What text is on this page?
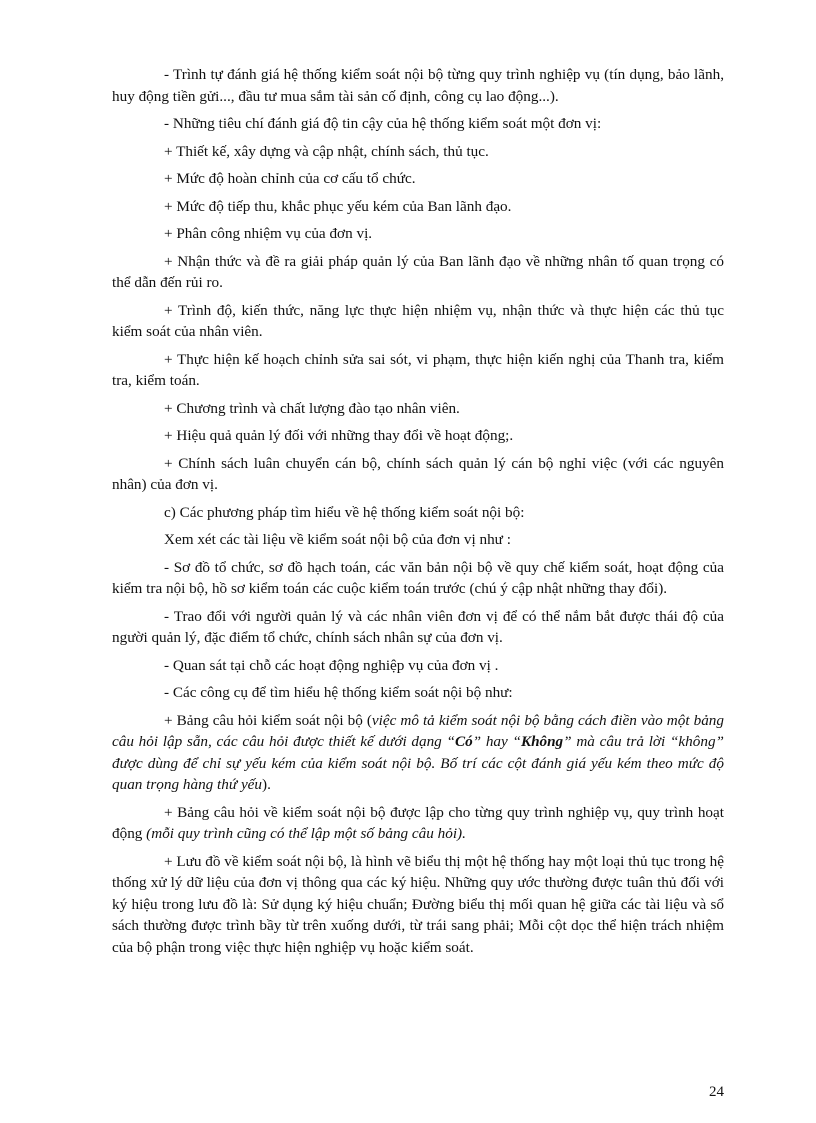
- Trình tự đánh giá hệ thống kiểm soát nội bộ từng quy trình nghiệp vụ (tín dụng, bảo lãnh, huy động tiền gửi..., đầu tư mua sắm tài sản cố định, công cụ lao động...).

- Những tiêu chí đánh giá độ tin cậy của hệ thống kiểm soát một đơn vị:

+ Thiết kế, xây dựng và cập nhật, chính sách, thủ tục.

+ Mức độ hoàn chỉnh của cơ cấu tổ chức.

+ Mức độ tiếp thu, khắc phục yếu kém của Ban lãnh đạo.

+ Phân công nhiệm vụ của đơn vị.

+ Nhận thức và đề ra giải pháp quản lý của Ban lãnh đạo về những nhân tố quan trọng có thể dẫn đến rủi ro.

+ Trình độ, kiến thức, năng lực thực hiện nhiệm vụ, nhận thức và thực hiện các thủ tục kiểm soát của nhân viên.

+ Thực hiện kế hoạch chỉnh sửa sai sót, vi phạm, thực hiện kiến nghị của Thanh tra, kiểm tra, kiểm toán.

+ Chương trình và chất lượng đào tạo nhân viên.

+ Hiệu quả quản lý đối với những thay đổi về hoạt động;.

+ Chính sách luân chuyển cán bộ, chính sách quản lý cán bộ nghỉ việc (với các nguyên nhân) của đơn vị.

c) Các phương pháp tìm hiểu về hệ thống kiểm soát nội bộ:

Xem xét các tài liệu về kiểm soát nội bộ của đơn vị như :

- Sơ đồ tổ chức, sơ đồ hạch toán, các văn bản nội bộ về quy chế kiểm soát, hoạt động của kiểm tra nội bộ, hồ sơ kiểm toán các cuộc kiểm toán trước (chú ý cập nhật những thay đổi).

- Trao đổi với người quản lý và các nhân viên đơn vị để có thể nắm bắt được thái độ của người quản lý, đặc điểm tổ chức, chính sách nhân sự của đơn vị.

- Quan sát tại chỗ các hoạt động nghiệp vụ của đơn vị .

- Các công cụ để tìm hiểu hệ thống kiểm soát nội bộ như:

+ Bảng câu hỏi kiểm soát nội bộ (việc mô tả kiểm soát nội bộ bằng cách điền vào một bảng câu hỏi lập sẵn, các câu hỏi được thiết kế dưới dạng “Có” hay “Không” mà câu trả lời “không” được dùng để chỉ sự yếu kém của kiểm soát nội bộ. Bố trí các cột đánh giá yếu kém theo mức độ quan trọng hàng thứ yếu).

+ Bảng câu hỏi về kiểm soát nội bộ được lập cho từng quy trình nghiệp vụ, quy trình hoạt động (mỗi quy trình cũng có thể lập một số bảng câu hỏi).

+ Lưu đồ về kiểm soát nội bộ, là hình vẽ biểu thị một hệ thống hay một loại thủ tục trong hệ thống xử lý dữ liệu của đơn vị thông qua các ký hiệu. Những quy ước thường được tuân thủ đối với ký hiệu trong lưu đồ là: Sử dụng ký hiệu chuẩn; Đường biểu thị mối quan hệ giữa các tài liệu và sổ sách thường được trình bầy từ trên xuống dưới, từ trái sang phải; Mỗi cột dọc thể hiện trách nhiệm của bộ phận trong việc thực hiện nghiệp vụ hoặc kiểm soát.

24
